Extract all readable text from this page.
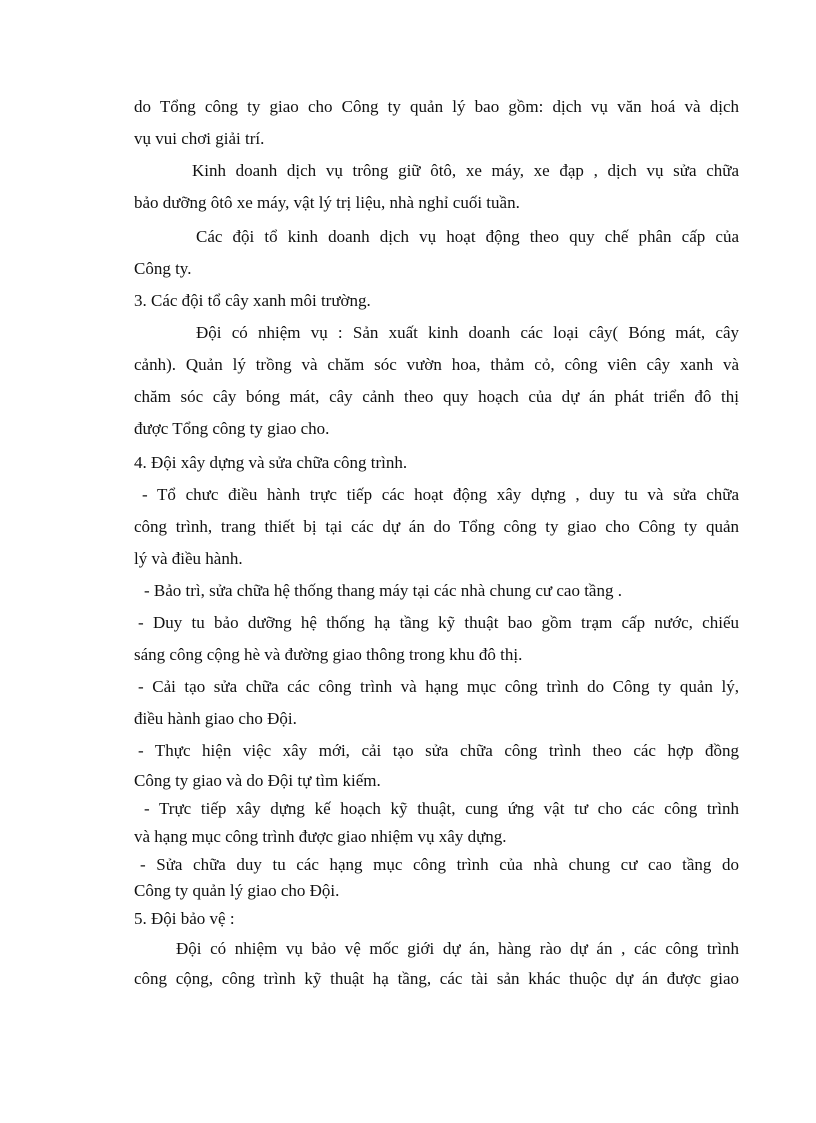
do Tổng công ty giao cho Công ty quản lý bao gồm: dịch vụ văn hoá và dịch
vụ vui chơi giải trí.
Kinh doanh dịch vụ trông giữ ôtô, xe máy, xe đạp , dịch vụ sửa chữa
bảo dưỡng ôtô xe máy, vật lý trị liệu, nhà nghỉ cuối tuần.
Các đội tổ kinh doanh dịch vụ hoạt động theo quy chế phân cấp của
Công ty.
3. Các đội tổ cây xanh môi trường.
Đội có nhiệm vụ : Sản xuất kinh doanh các loại cây( Bóng mát, cây
cảnh). Quản lý trồng và chăm sóc vườn hoa, thảm cỏ, công viên cây xanh và
chăm sóc cây bóng mát, cây cảnh theo quy hoạch của dự án phát triển đô thị
được Tổng công ty giao cho.
4. Đội xây dựng và sửa chữa công trình.
- Tổ chưc điều hành trực tiếp các hoạt động xây dựng , duy tu và sửa chữa
công trình, trang thiết bị tại các dự án do Tổng công ty giao cho Công ty quản
lý và điều hành.
- Bảo trì, sửa chữa hệ thống thang máy tại các nhà chung cư cao tầng .
- Duy tu bảo dưỡng hệ thống hạ tầng kỹ thuật bao gồm trạm cấp nước, chiếu
sáng công cộng hè và đường giao thông trong khu đô thị.
- Cải tạo sửa chữa các công trình và hạng mục công trình do Công ty quản lý,
điều hành giao cho Đội.
- Thực hiện việc xây mới, cải tạo sửa chữa công trình theo các hợp đồng
Công ty giao và do Đội tự tìm kiếm.
- Trực tiếp xây dựng kế hoạch kỹ thuật, cung ứng vật tư cho các công trình
và hạng mục công trình được giao nhiệm vụ xây dựng.
- Sửa chữa duy tu các hạng mục công trình của nhà chung cư cao tầng do
Công ty quản lý giao cho Đội.
5. Đội bảo vệ :
Đội có nhiệm vụ bảo vệ mốc giới dự án, hàng rào dự án , các công trình
công cộng, công trình kỹ thuật hạ tầng, các tài sản khác thuộc dự án được giao
